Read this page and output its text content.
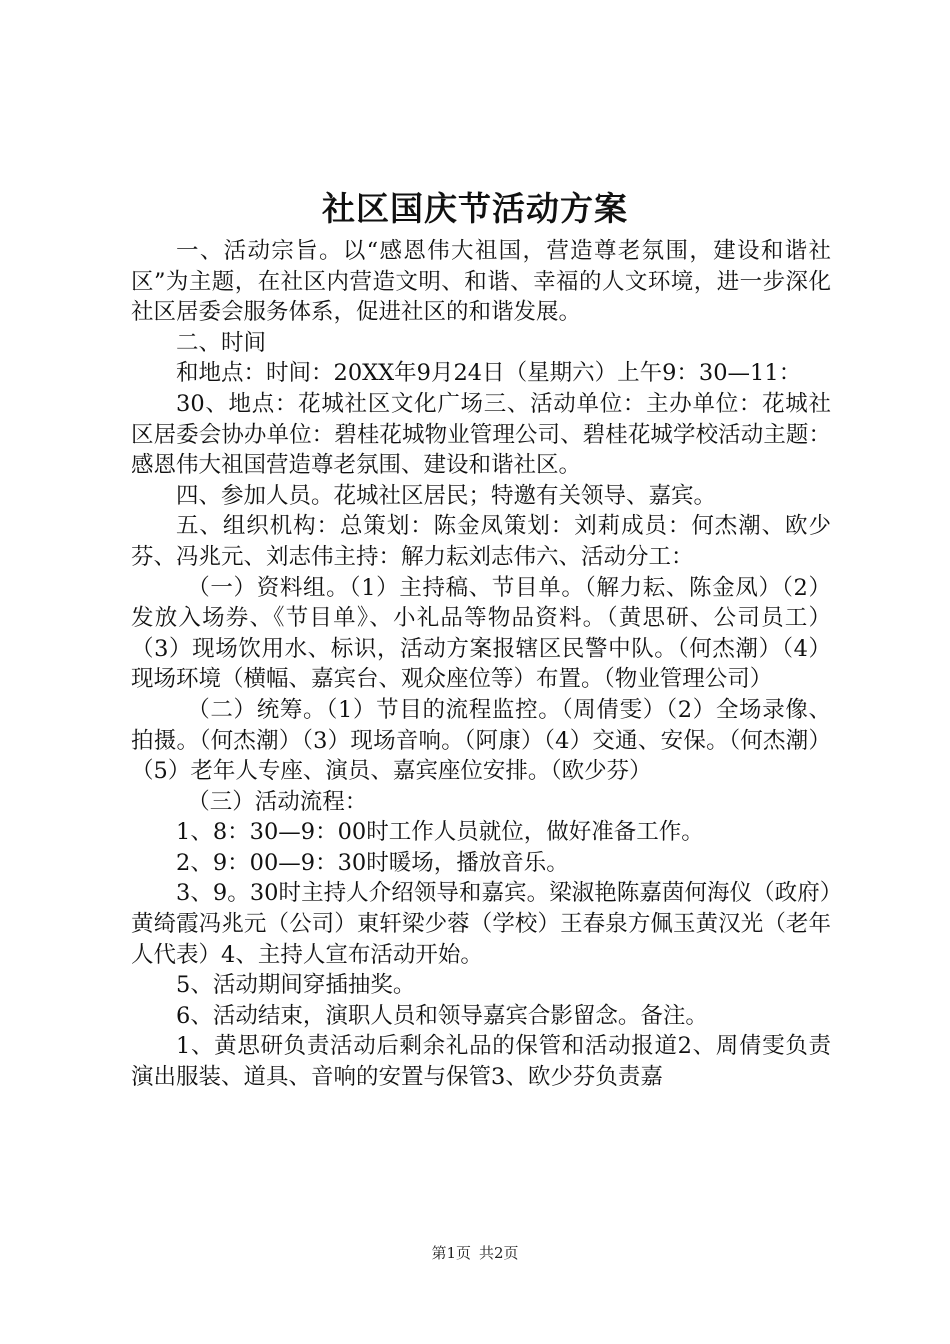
社区国庆节活动方案

一、活动宗旨。以“感恩伟大祖国，营造尊老氛围，建设和谐社区”为主题，在社区内营造文明、和谐、幸福的人文环境，进一步深化社区居委会服务体系，促进社区的和谐发展。

二、时间

和地点：时间：20XX年9月24日（星期六）上午9：30—11：

30、地点：花城社区文化广场三、活动单位：主办单位：花城社区居委会协办单位：碧桂花城物业管理公司、碧桂花城学校活动主题：感恩伟大祖国营造尊老氛围、建设和谐社区。

四、参加人员。花城社区居民；特邀有关领导、嘉宾。

五、组织机构：总策划：陈金凤策划：刘莉成员：何杰潮、欧少芬、冯兆元、刘志伟主持：解力耘刘志伟六、活动分工：

（一）资料组。（1）主持稿、节目单。（解力耘、陈金凤）（2）发放入场券、《节目单》、小礼品等物品资料。（黄思研、公司员工）（3）现场饮用水、标识，活动方案报辖区民警中队。（何杰潮）（4）现场环境（横幅、嘉宾台、观众座位等）布置。（物业管理公司）

（二）统筹。（1）节目的流程监控。（周倩雯）（2）全场录像、拍摄。（何杰潮）（3）现场音响。（阿康）（4）交通、安保。（何杰潮）（5）老年人专座、演员、嘉宾座位安排。（欧少芬）

（三）活动流程：

1、8：30—9：00时工作人员就位，做好准备工作。

2、9：00—9：30时暖场，播放音乐。

3、9。30时主持人介绍领导和嘉宾。梁淑艳陈嘉茵何海仪（政府）黄绮霞冯兆元（公司）東轩梁少蓉（学校）王春泉方佩玉黄汉光（老年人代表）4、主持人宣布活动开始。

5、活动期间穿插抽奖。

6、活动结束，演职人员和领导嘉宾合影留念。备注。

1、黄思研负责活动后剩余礼品的保管和活动报道2、周倩雯负责演出服装、道具、音响的安置与保管3、欧少芬负责嘉

第1页 共2页
